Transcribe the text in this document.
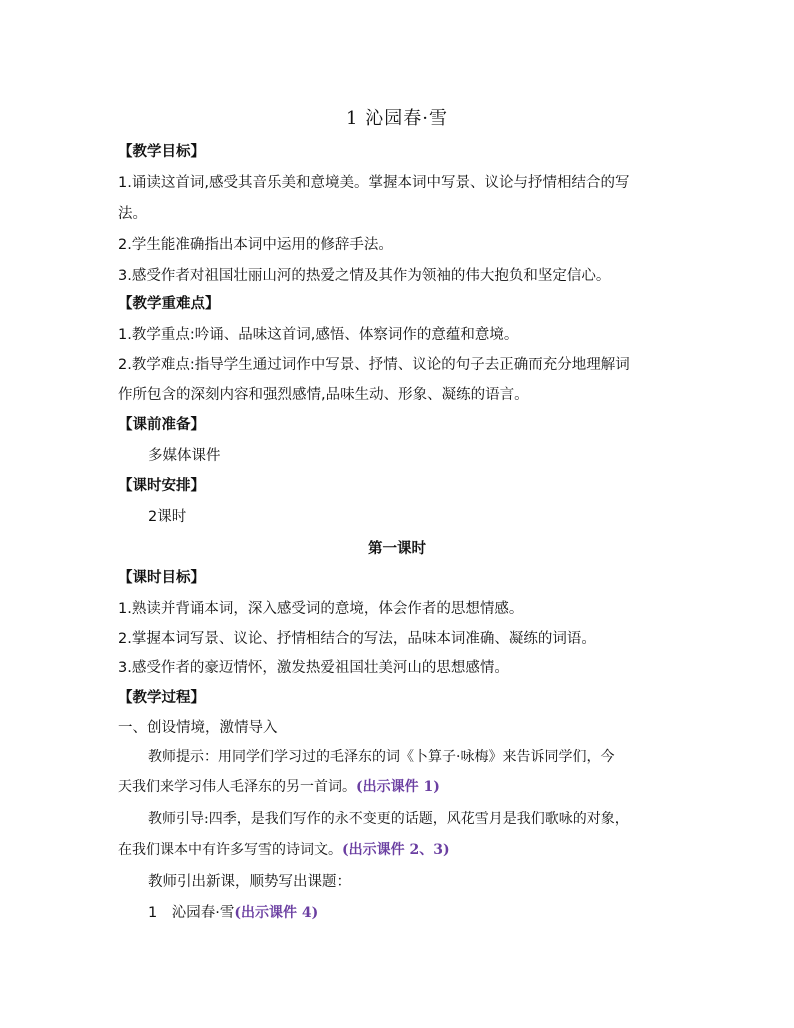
1 沁园春·雪
【教学目标】
1.诵读这首词,感受其音乐美和意境美。掌握本词中写景、议论与抒情相结合的写
法。
2.学生能准确指出本词中运用的修辞手法。
3.感受作者对祖国壮丽山河的热爱之情及其作为领袖的伟大抱负和坚定信心。
【教学重难点】
1.教学重点:吟诵、品味这首词,感悟、体察词作的意蕴和意境。
2.教学难点:指导学生通过词作中写景、抒情、议论的句子去正确而充分地理解词
作所包含的深刻内容和强烈感情,品味生动、形象、凝练的语言。
【课前准备】
多媒体课件
【课时安排】
2课时
第一课时
【课时目标】
1.熟读并背诵本词，深入感受词的意境，体会作者的思想情感。
2.掌握本词写景、议论、抒情相结合的写法，品味本词准确、凝练的词语。
3.感受作者的豪迈情怀，激发热爱祖国壮美河山的思想感情。
【教学过程】
一、创设情境，激情导入
教师提示：用同学们学习过的毛泽东的词《卜算子·咏梅》来告诉同学们，今
天我们来学习伟人毛泽东的另一首词。(出示课件 1)
教师引导:四季，是我们写作的永不变更的话题，风花雪月是我们歌咏的对象，
在我们课本中有许多写雪的诗词文。(出示课件 2、3)
教师引出新课，顺势写出课题：
1　沁园春·雪(出示课件 4)
